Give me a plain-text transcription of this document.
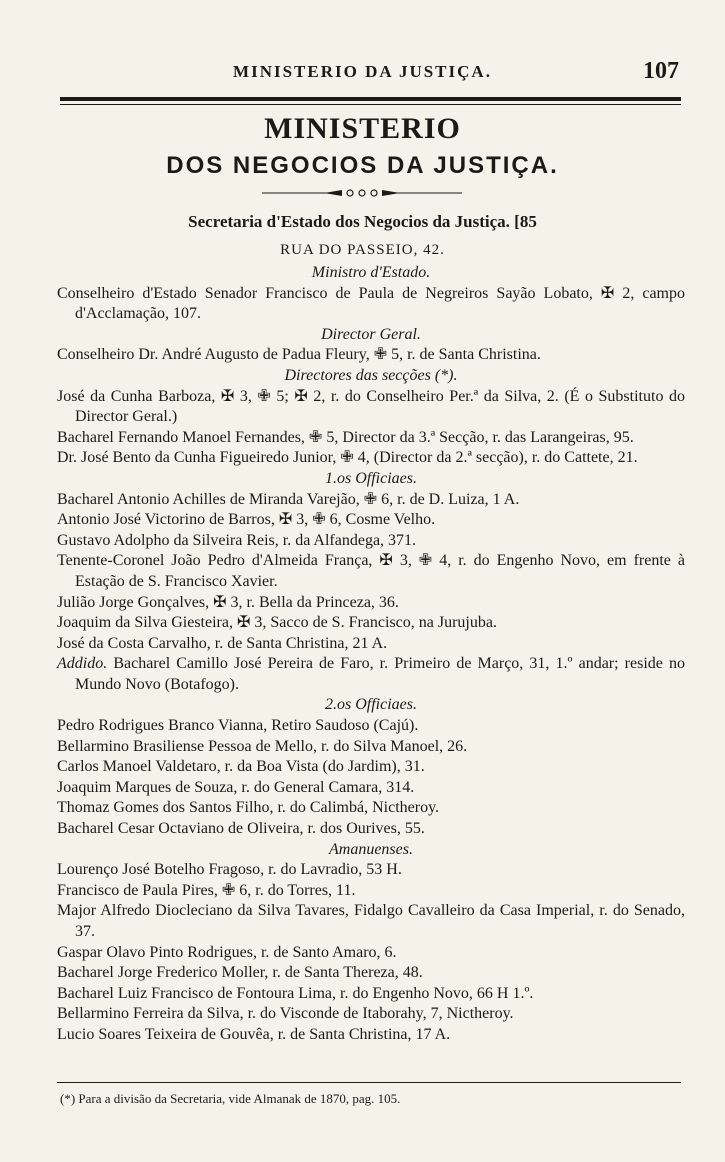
MINISTERIO DA JUSTIÇA.	107
MINISTERIO
DOS NEGOCIOS DA JUSTIÇA.
Secretaria d'Estado dos Negocios da Justiça. [85
RUA DO PASSEIO, 42.
Ministro d'Estado.
Conselheiro d'Estado Senador Francisco de Paula de Negreiros Sayão Lobato, ✠ 2, campo d'Acclamação, 107.
Director Geral.
Conselheiro Dr. André Augusto de Padua Fleury, ✙ 5, r. de Santa Christina.
Directores das secções (*).
José da Cunha Barboza, ✠ 3, ✙ 5; ✠ 2, r. do Conselheiro Per.ª da Silva, 2. (É o Substituto do Director Geral.)
Bacharel Fernando Manoel Fernandes, ✙ 5, Director da 3.ª Secção, r. das Larangeiras, 95.
Dr. José Bento da Cunha Figueiredo Junior, ✙ 4, (Director da 2.ª secção), r. do Cattete, 21.
1.os Officiaes.
Bacharel Antonio Achilles de Miranda Varejão, ✙ 6, r. de D. Luiza, 1 A.
Antonio José Victorino de Barros, ✠ 3, ✙ 6, Cosme Velho.
Gustavo Adolpho da Silveira Reis, r. da Alfandega, 371.
Tenente-Coronel João Pedro d'Almeida França, ✠ 3, ✙ 4, r. do Engenho Novo, em frente à Estação de S. Francisco Xavier.
Julião Jorge Gonçalves, ✠ 3, r. Bella da Princeza, 36.
Joaquim da Silva Giesteira, ✠ 3, Sacco de S. Francisco, na Jurujuba.
José da Costa Carvalho, r. de Santa Christina, 21 A.
Addido. Bacharel Camillo José Pereira de Faro, r. Primeiro de Março, 31, 1.º andar; reside no Mundo Novo (Botafogo).
2.os Officiaes.
Pedro Rodrigues Branco Vianna, Retiro Saudoso (Cajú).
Bellarmino Brasiliense Pessoa de Mello, r. do Silva Manoel, 26.
Carlos Manoel Valdetaro, r. da Boa Vista (do Jardim), 31.
Joaquim Marques de Souza, r. do General Camara, 314.
Thomaz Gomes dos Santos Filho, r. do Calimbá, Nictheroy.
Bacharel Cesar Octaviano de Oliveira, r. dos Ourives, 55.
Amanuenses.
Lourenço José Botelho Fragoso, r. do Lavradio, 53 H.
Francisco de Paula Pires, ✙ 6, r. do Torres, 11.
Major Alfredo Diocleciano da Silva Tavares, Fidalgo Cavalleiro da Casa Imperial, r. do Senado, 37.
Gaspar Olavo Pinto Rodrigues, r. de Santo Amaro, 6.
Bacharel Jorge Frederico Moller, r. de Santa Thereza, 48.
Bacharel Luiz Francisco de Fontoura Lima, r. do Engenho Novo, 66 H 1.º.
Bellarmino Ferreira da Silva, r. do Visconde de Itaborahy, 7, Nictheroy.
Lucio Soares Teixeira de Gouvêa, r. de Santa Christina, 17 A.
(*) Para a divisão da Secretaria, vide Almanak de 1870, pag. 105.
